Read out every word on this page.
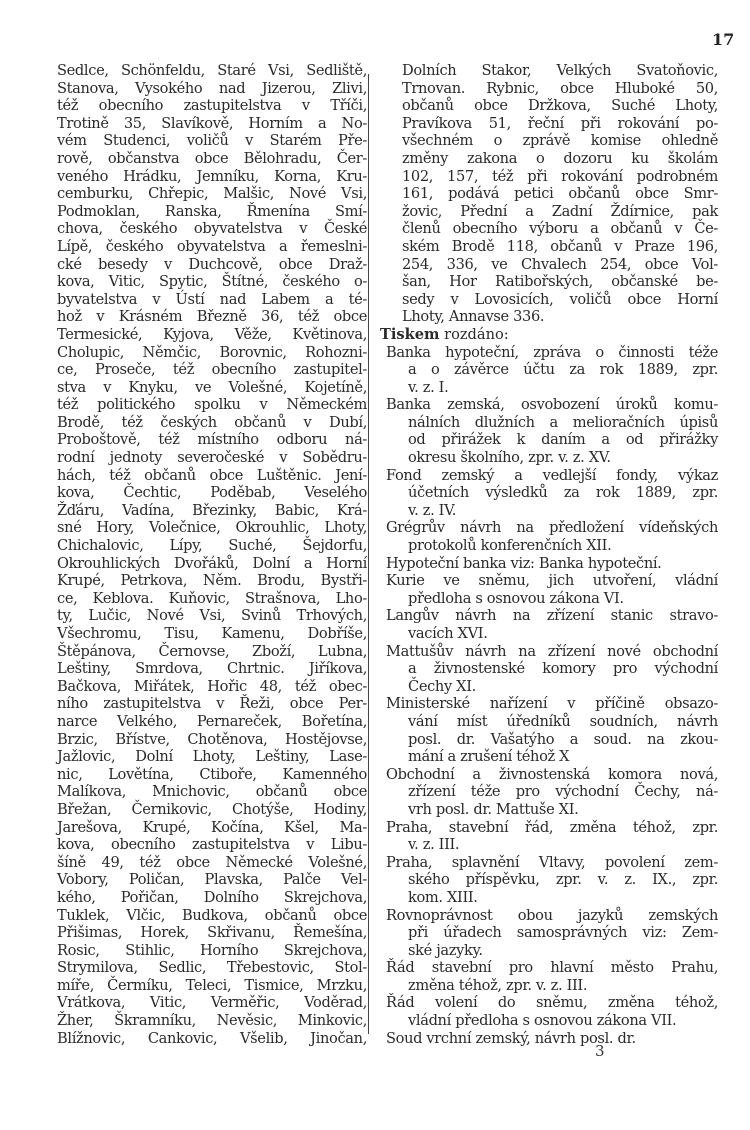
17
Sedlce, Schönfeldu, Staré Vsi, Sedliště,
Stanova, Vysokého nad Jizerou, Zlivi,
též obecního zastupitelstva v Tříči,
Trotině 35, Slavíkově, Horním a No-
vém Studenci, voličů v Starém Pře-
rově, občanstva obce Bělohradu, Čer-
veného Hrádku, Jemníku, Korna, Kru-
cemburku, Chřepic, Malšic, Nové Vsi,
Podmoklan, Ranska, Řmenína Smí-
chova, českého obyvatelstva v České
Lípě, českého obyvatelstva a řemeslni-
cké besedy v Duchcově, obce Draž-
kova, Vitic, Spytic, Štítné, českého o-
byvatelstva v Ústí nad Labem a té-
hož v Krásném Březně 36, též obce
Termesické, Kyjova, Věže, Květinova,
Cholupic, Němčic, Borovnic, Rohozni-
ce, Proseče, též obecního zastupitel-
stva v Knyku, ve Volešné, Kojetíně,
též politického spolku v Německém
Brodě, též českých občanů v Dubí,
Proboštově, též místního odboru ná-
rodní jednoty severočeské v Sobědru-
hách, též občanů obce Luštěnic. Jení-
kova, Čechtic, Poděbab, Veselého
Žďáru, Vadína, Březinky, Babic, Krá-
sné Hory, Volečnice, Okrouhlic, Lhoty,
Chichalovic, Lípy, Suché, Šejdorfu,
Okrouhlických Dvořáků, Dolní a Horní
Krupé, Petrkova, Něm. Brodu, Bystři-
ce, Keblova. Kuňovic, Strašnova, Lho-
ty, Lučic, Nové Vsi, Svinů Trhových,
Všechromu, Tisu, Kamenu, Dobříše,
Štěpánova, Černovse, Zboží, Lubna,
Leštiny, Smrdova, Chrtnic. Jiříkova,
Bačkova, Miřátek, Hořic 48, též obec-
ního zastupitelstva v Řeži, obce Per-
narce Velkého, Pernareček, Bořetína,
Brzic, Břístve, Chotěnova, Hostějovse,
Jažlovic, Dolní Lhoty, Leštiny, Lase-
nic, Lovětína, Ctiboře, Kamenného
Malíkova, Mnichovic, občanů obce
Břežan, Černikovic, Chotýše, Hodiny,
Jarešova, Krupé, Kočína, Kšel, Ma-
kova, obecního zastupitelstva v Libu-
šíně 49, též obce Německé Volešné,
Vobory, Poličan, Plavska, Palče Vel-
kého, Pořičan, Dolního Skrejchova,
Tuklek, Vlčic, Budkova, občanů obce
Přišimas, Horek, Skřivanu, Řemešína,
Rosic, Stihlic, Horního Skrejchova,
Strymilova, Sedlic, Třebestovic, Stol-
míře, Čermíku, Teleci, Tismice, Mrzku,
Vrátkova, Vitic, Verměřic, Voděrad,
Žher, Škramníku, Nevěsic, Minkovic,
Blížnovic, Cankovic, Všelib, Jinočan,
Dolních Stakor, Velkých Svatoňovic,
Trnovan. Rybnic, obce Hluboké 50,
občanů obce Držkova, Suché Lhoty,
Pravíkova 51, řeční při rokování po-
všechném o zprávě komise ohledně
změny zakona o dozoru ku školám
102, 157, též při rokování podrobném
161, podává petici občanů obce Smr-
žovic, Přední a Zadní Ždírnice, pak
členů obecního výboru a občanů v Če-
ském Brodě 118, občanů v Praze 196,
254, 336, ve Chvalech 254, obce Vol-
šan, Hor Ratibořských, občanské be-
sedy v Lovosicích, voličů obce Horní
Lhoty, Annavse 336.
Tiskem rozdáno:
Banka hypoteční, zpráva o činnosti téže
a o závěrce účtu za rok 1889, zpr.
v. z. I.
Banka zemská, osvobození úroků komu-
nálních dlužních a melioračních úpisů
od přirážek k daním a od přirážky
okresu školního, zpr. v. z. XV.
Fond zemský a vedlejší fondy, výkaz
účetních výsledků za rok 1889, zpr.
v. z. IV.
Grégrův návrh na předložení vídeňských
protokolů konferenčních XII.
Hypoteční banka viz: Banka hypoteční.
Kurie ve sněmu, jich utvoření, vládní
předloha s osnovou zákona VI.
Langův návrh na zřízení stanic stravo-
vacích XVI.
Mattušův návrh na zřízení nové obchodní
a živnostenské komory pro východní
Čechy XI.
Ministerské nařízení v příčině obsazo-
vání míst úředníků soudních, návrh
posl. dr. Vašatýho a soud. na zkou-
mání a zrušení téhož X
Obchodní a živnostenská komora nová,
zřízení téže pro východní Čechy, ná-
vrh posl. dr. Mattuše XI.
Praha, stavební řád, změna téhož, zpr.
v. z. III.
Praha, splavnění Vltavy, povolení zem-
ského příspěvku, zpr. v. z. IX., zpr.
kom. XIII.
Rovnoprávnost obou jazyků zemských
při úřadech samosprávných viz: Zem-
ské jazyky.
Řád stavební pro hlavní město Prahu,
změna téhož, zpr. v. z. III.
Řád volení do sněmu, změna téhož,
vládní předloha s osnovou zákona VII.
Soud vrchní zemský, návrh posl. dr.
3
